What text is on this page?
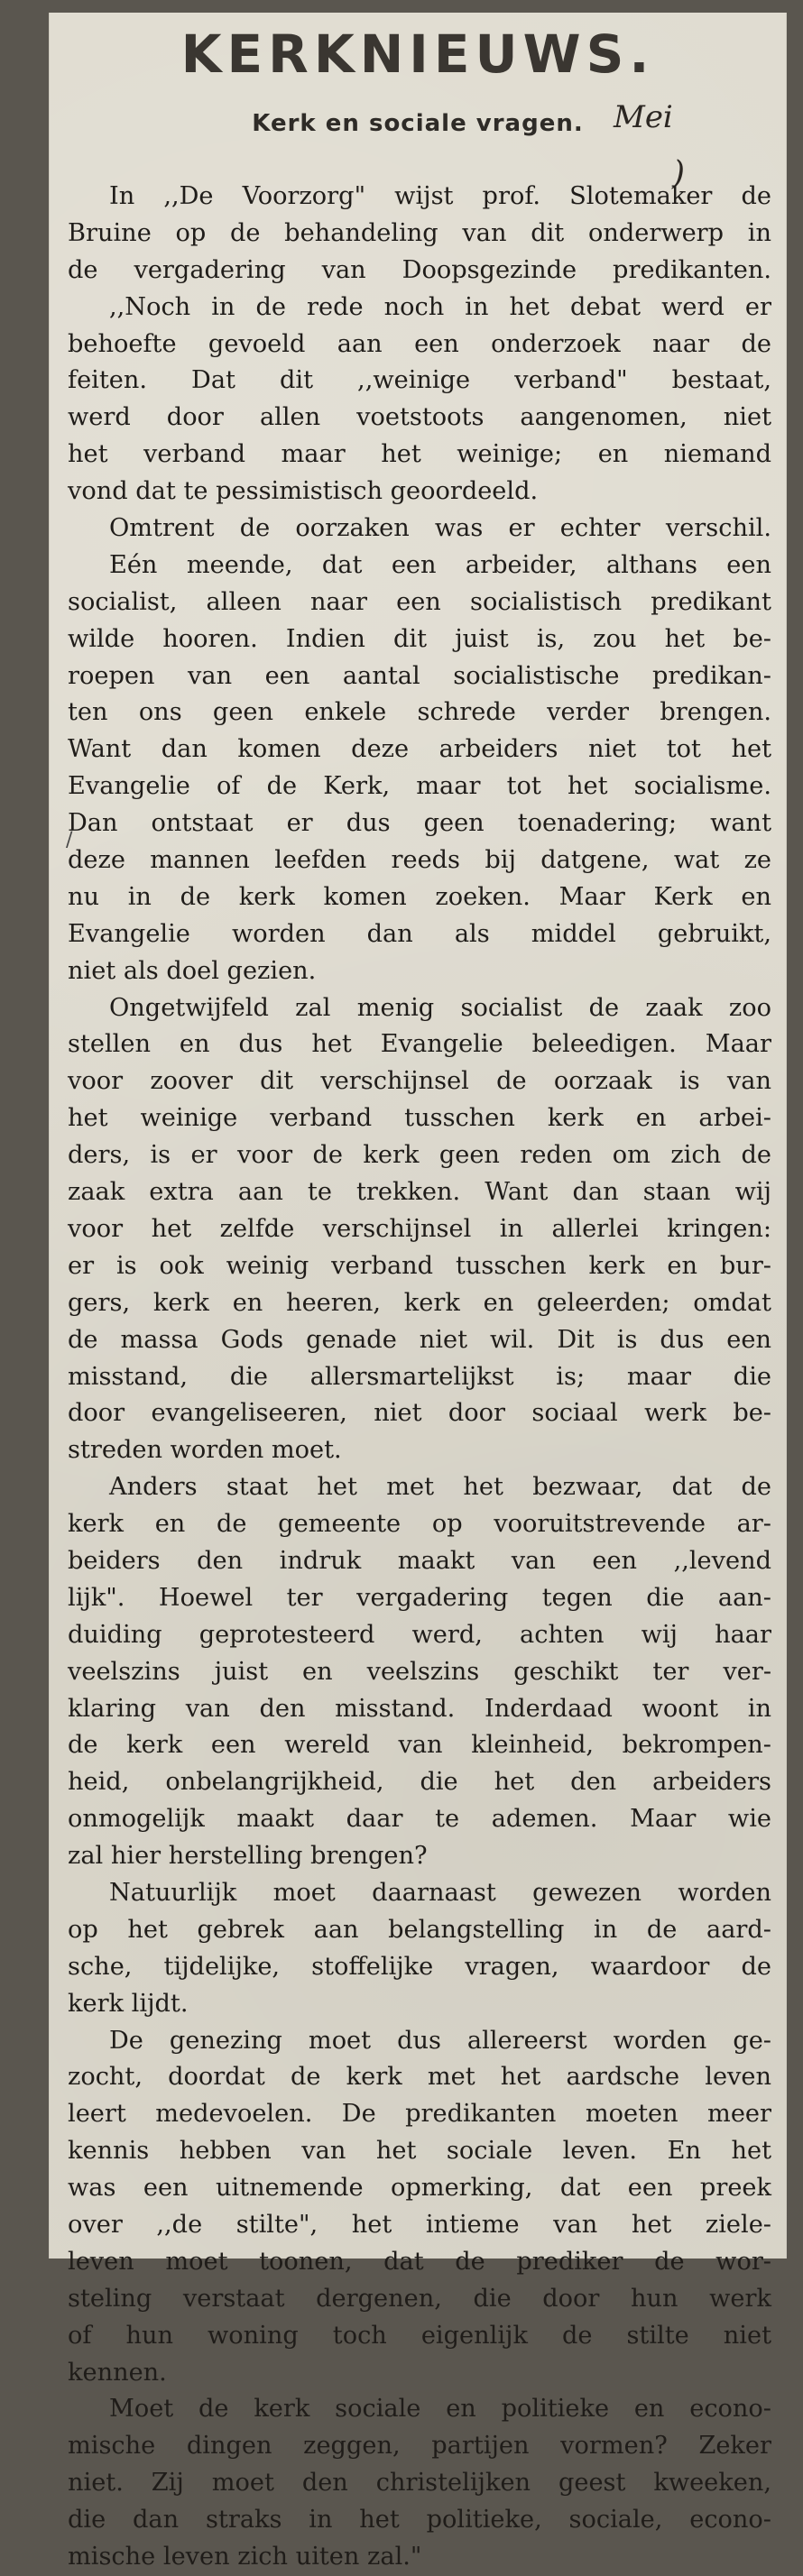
KERKNIEUWS.
Kerk en sociale vragen. Mei
)
/
In ,,De Voorzorg" wijst prof. Slotemaker de
Bruine op de behandeling van dit onderwerp in
de vergadering van Doopsgezinde predikanten.
,,Noch in de rede noch in het debat werd er
behoefte gevoeld aan een onderzoek naar de
feiten. Dat dit ,,weinige verband" bestaat,
werd door allen voetstoots aangenomen, niet
het verband maar het weinige; en niemand
vond dat te pessimistisch geoordeeld.
Omtrent de oorzaken was er echter verschil.
Eén meende, dat een arbeider, althans een
socialist, alleen naar een socialistisch predikant
wilde hooren. Indien dit juist is, zou het be-
roepen van een aantal socialistische predikan-
ten ons geen enkele schrede verder brengen.
Want dan komen deze arbeiders niet tot het
Evangelie of de Kerk, maar tot het socialisme.
Dan ontstaat er dus geen toenadering; want
deze mannen leefden reeds bij datgene, wat ze
nu in de kerk komen zoeken. Maar Kerk en
Evangelie worden dan als middel gebruikt,
niet als doel gezien.
Ongetwijfeld zal menig socialist de zaak zoo
stellen en dus het Evangelie beleedigen. Maar
voor zoover dit verschijnsel de oorzaak is van
het weinige verband tusschen kerk en arbei-
ders, is er voor de kerk geen reden om zich de
zaak extra aan te trekken. Want dan staan wij
voor het zelfde verschijnsel in allerlei kringen:
er is ook weinig verband tusschen kerk en bur-
gers, kerk en heeren, kerk en geleerden; omdat
de massa Gods genade niet wil. Dit is dus een
misstand, die allersmartelijkst is; maar die
door evangeliseeren, niet door sociaal werk be-
streden worden moet.
Anders staat het met het bezwaar, dat de
kerk en de gemeente op vooruitstrevende ar-
beiders den indruk maakt van een ,,levend
lijk". Hoewel ter vergadering tegen die aan-
duiding geprotesteerd werd, achten wij haar
veelszins juist en veelszins geschikt ter ver-
klaring van den misstand. Inderdaad woont in
de kerk een wereld van kleinheid, bekrompen-
heid, onbelangrijkheid, die het den arbeiders
onmogelijk maakt daar te ademen. Maar wie
zal hier herstelling brengen?
Natuurlijk moet daarnaast gewezen worden
op het gebrek aan belangstelling in de aard-
sche, tijdelijke, stoffelijke vragen, waardoor de
kerk lijdt.
De genezing moet dus allereerst worden ge-
zocht, doordat de kerk met het aardsche leven
leert medevoelen. De predikanten moeten meer
kennis hebben van het sociale leven. En het
was een uitnemende opmerking, dat een preek
over ,,de stilte", het intieme van het ziele-
leven moet toonen, dat de prediker de wor-
steling verstaat dergenen, die door hun werk
of hun woning toch eigenlijk de stilte niet
kennen.
Moet de kerk sociale en politieke en econo-
mische dingen zeggen, partijen vormen? Zeker
niet. Zij moet den christelijken geest kweeken,
die dan straks in het politieke, sociale, econo-
mische leven zich uiten zal."
